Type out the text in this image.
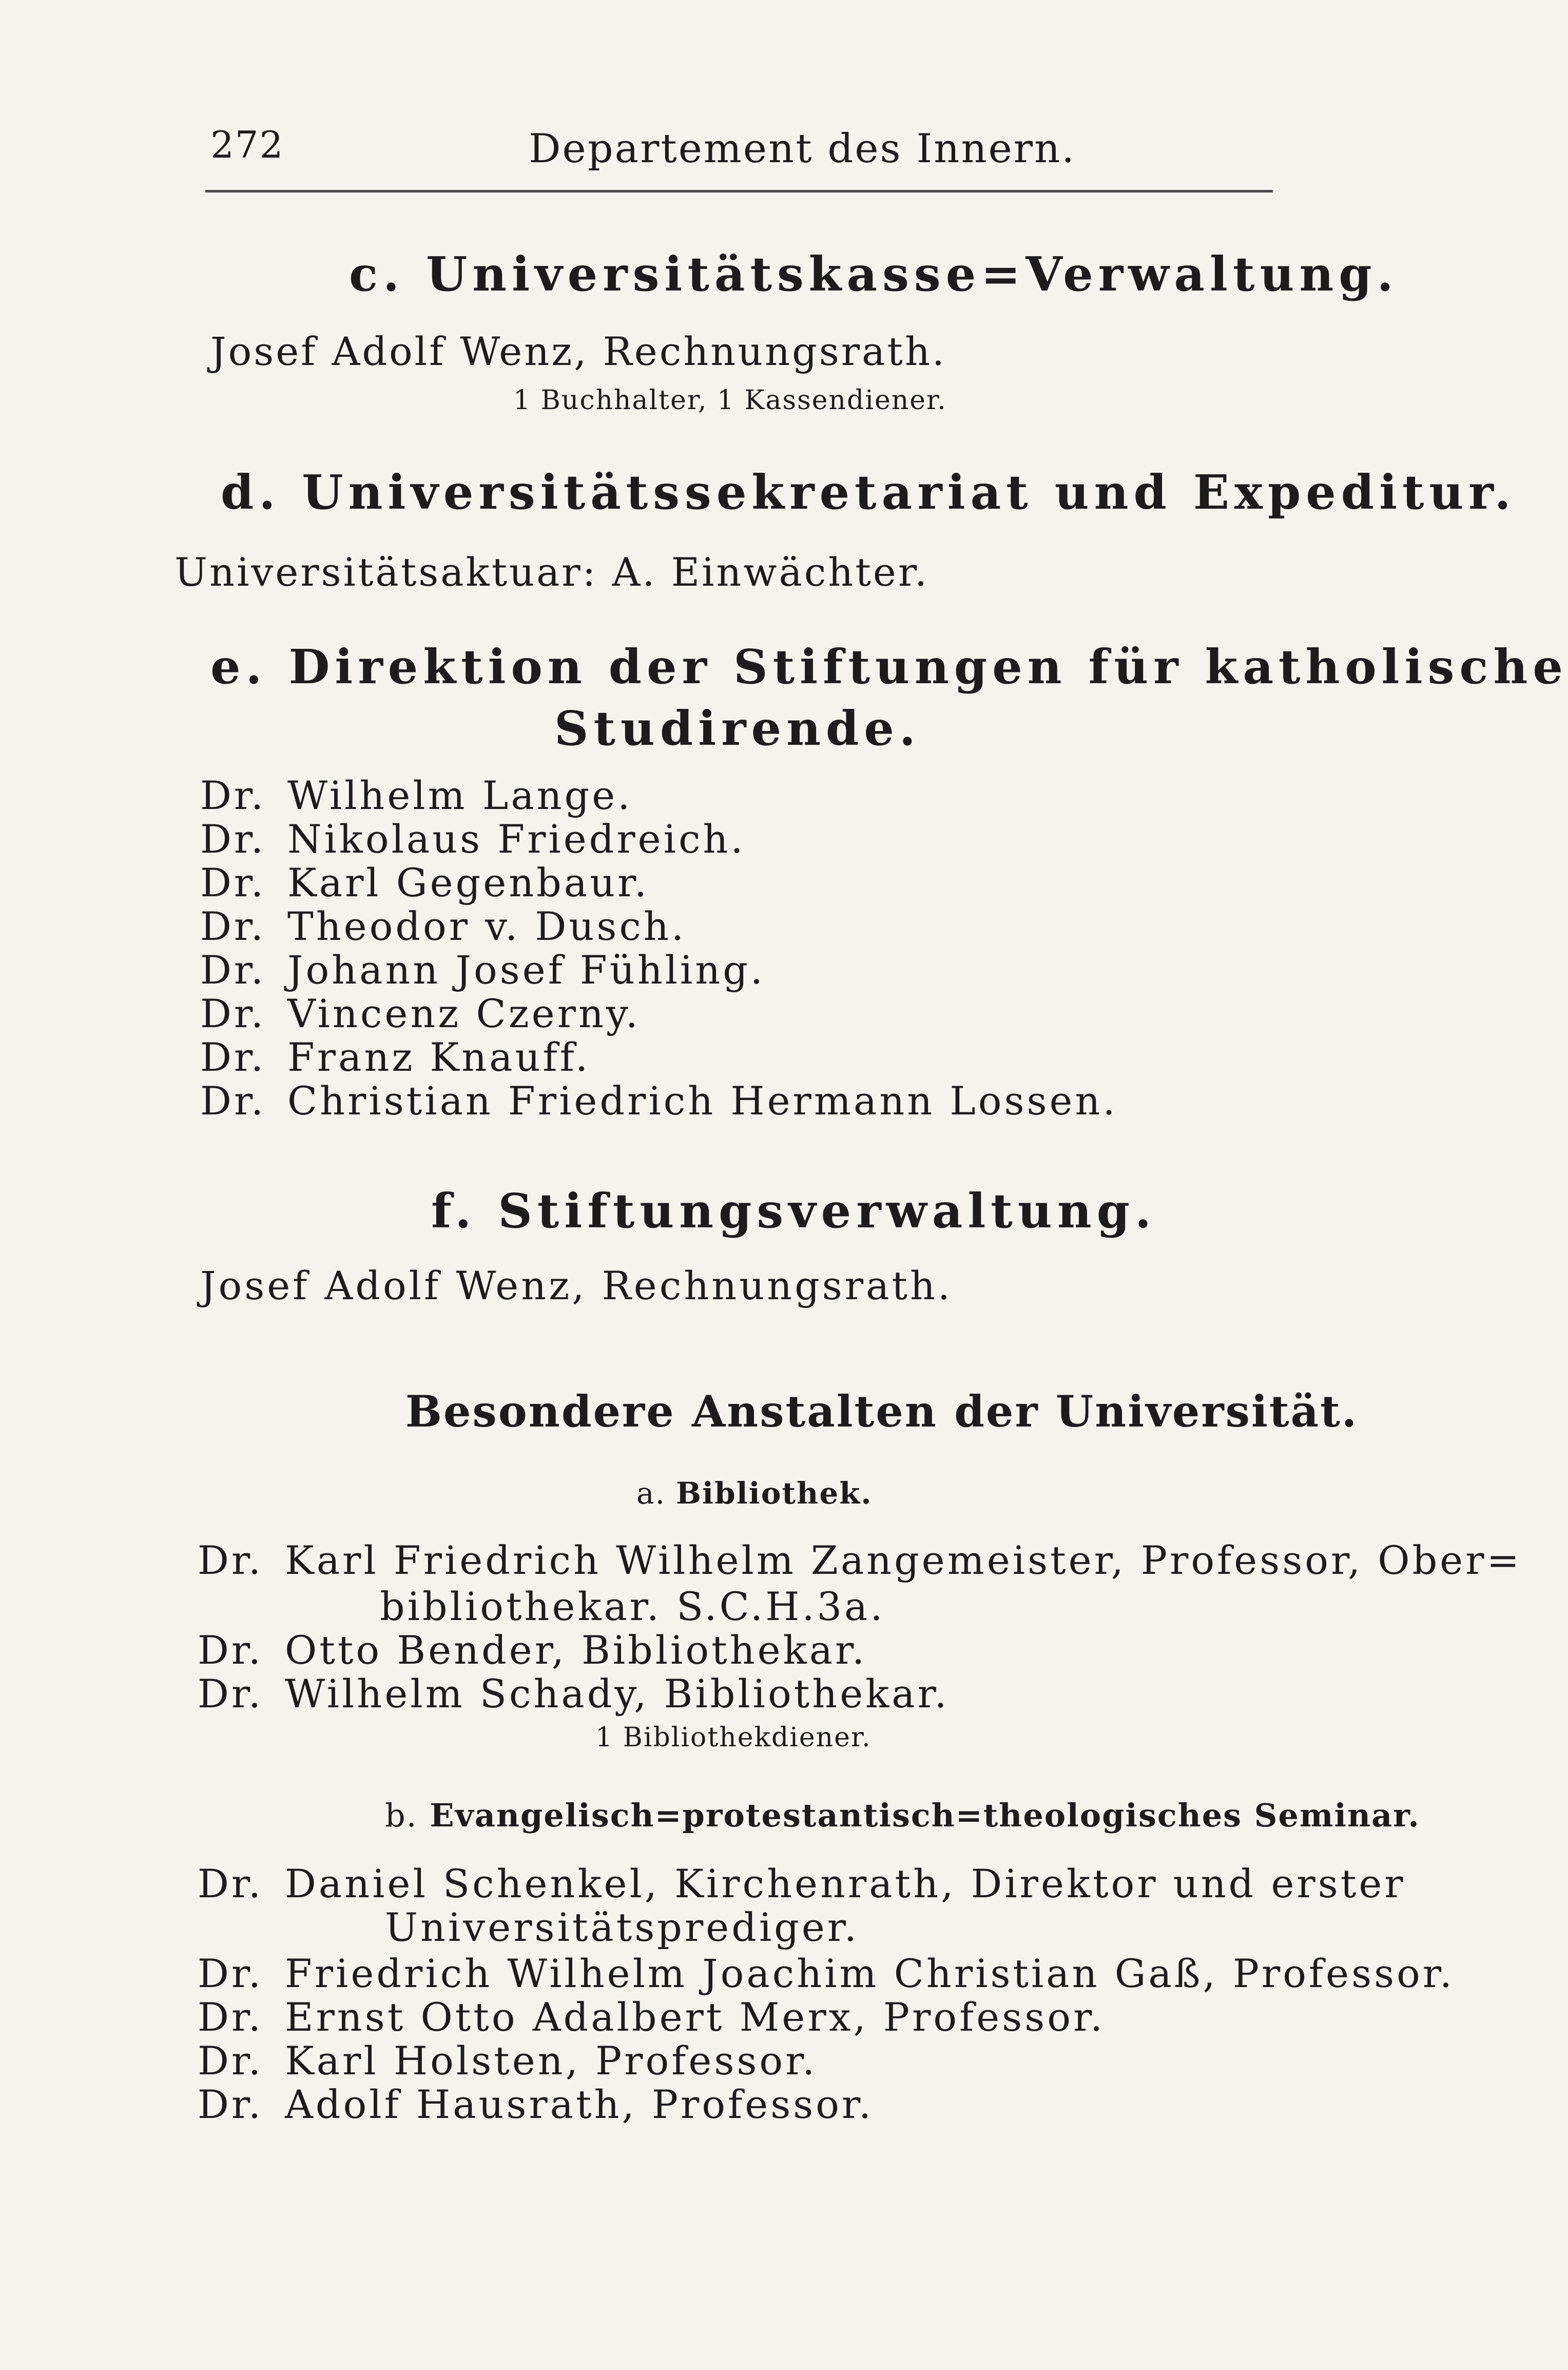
272	Departement des Innern.
c. Universitätskasse=Verwaltung.
Josef Adolf Wenz, Rechnungsrath.
1 Buchhalter, 1 Kassendiener.
d. Universitätssekretariat und Expeditur.
Universitätsaktuar: A. Einwächter.
e. Direktion der Stiftungen für katholische
Studirende.
Dr. Wilhelm Lange.
Dr. Nikolaus Friedreich.
Dr. Karl Gegenbaur.
Dr. Theodor v. Dusch.
Dr. Johann Josef Fühling.
Dr. Vincenz Czerny.
Dr. Franz Knauff.
Dr. Christian Friedrich Hermann Lossen.
f. Stiftungsverwaltung.
Josef Adolf Wenz, Rechnungsrath.
Besondere Anstalten der Universität.
a. Bibliothek.
Dr. Karl Friedrich Wilhelm Zangemeister, Professor, Ober=
bibliothekar. S.C.H.3a.
Dr. Otto Bender, Bibliothekar.
Dr. Wilhelm Schady, Bibliothekar.
1 Bibliothekdiener.
b. Evangelisch=protestantisch=theologisches Seminar.
Dr. Daniel Schenkel, Kirchenrath, Direktor und erster
Universitätsprediger.
Dr. Friedrich Wilhelm Joachim Christian Gaß, Professor.
Dr. Ernst Otto Adalbert Merx, Professor.
Dr. Karl Holsten, Professor.
Dr. Adolf Hausrath, Professor.
